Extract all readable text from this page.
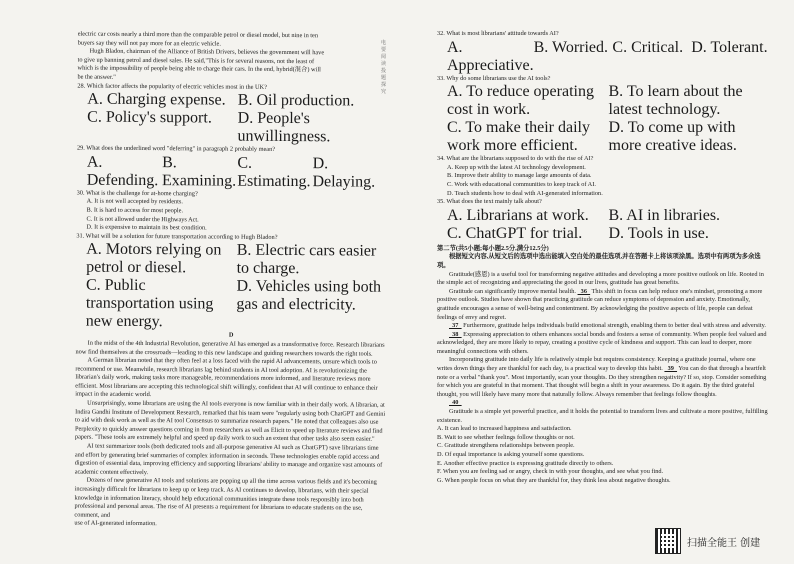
electric car costs nearly a third more than the comparable petrol or diesel model, but nine in ten

buyers say they will not pay more for an electric vehicle.

Hugh Bladon, chairman of the Alliance of British Drivers, believes the government will have

to give up banning petrol and diesel sales. He said,"This is for several reasons, not the least of

which is the impossibility of people being able to charge their cars. In the end, hybrid(混合) will

be the answer."

28. Which factor affects the popularity of electric vehicles most in the UK?

A. Charging expense. B. Oil production.
C. Policy's support.	D. People's unwillingness.

29. What does the underlined word "deferring" in paragraph 2 probably mean?

A. Defending.
B. Examining.
C. Estimating.
D. Delaying.

30. What is the challenge for at-home charging?

A. It is not well accepted by residents.

B. It is hard to access for most people.

C. It is not allowed under the Highways Act.

D. It is expensive to maintain its best condition.

31. What will be a solution for future transportation according to Hugh Bladon?

A. Motors relying on petrol or diesel.
B. Electric cars easier to charge.
C. Public transportation using new energy.
D. Vehicles using both gas and electricity.

D

In the midst of the 4th Industrial Revolution, generative AI has emerged as a transformative force. Research librarians now find themselves at the crossroads—leading to this new landscape and guiding researchers towards the right tools.

A German librarian noted that they often feel at a loss faced with the rapid AI advancements, unsure which tools to recommend or use. Meanwhile, research librarians lag behind students in AI tool adoption. AI is revolutionizing the librarian's daily work, making tasks more manageable, recommendations more informed, and literature reviews more efficient. Most librarians are accepting this technological shift willingly, confident that AI will continue to enhance their impact in the academic world.

Unsurprisingly, some librarians are using the AI tools everyone is now familiar with in their daily work. A librarian, at Indira Gandhi Institute of Development Research, remarked that his team were "regularly using both ChatGPT and Gemini to aid with desk work as well as the AI tool Consensus to summarize research papers." He noted that colleagues also use Perplexity to quickly answer questions coming in from researchers as well as Elicit to speed up literature reviews and find papers. "These tools are extremely helpful and speed up daily work to such an extent that other tasks also seem easier."

AI text summarizer tools (both dedicated tools and all-purpose generative AI such as ChatGPT) save librarians time and effort by generating brief summaries of complex information in seconds. These technologies enable rapid access and digestion of essential data, improving efficiency and supporting librarians' ability to manage and organize vast amounts of academic content effectively.

Dozens of new generative AI tools and solutions are popping up all the time across various fields and it's becoming increasingly difficult for librarians to keep up or keep track. As AI continues to develop, librarians, with their special knowledge in information literacy, should help educational communities integrate these tools responsibly into both professional and personal areas. The rise of AI presents a requirement for librarians to educate students on the use, comment, and

use of AI-generated information.

电
要
阅
读
投
题
探
究

32. What is most librarians' attitude towards AI?

A. Appreciative.
B. Worried. C. Critical. D. Tolerant.

33. Why do some librarians use the AI tools?

A. To reduce operating cost in work.
B. To learn about the latest technology.
C. To make their daily work more efficient.
D. To come up with more creative ideas.

34. What are the librarians supposed to do with the rise of AI?

A. Keep up with the latest AI technology development.

B. Improve their ability to manage large amounts of data.

C. Work with educational communities to keep track of AI.

D. Teach students how to deal with AI-generated information.

35. What does the text mainly talk about?

A. Librarians at work.	B. AI in libraries.
C. ChatGPT for trial.	D. Tools in use.

第二节(共5小题;每小题2.5分,满分12.5分)

根据短文内容,从短文后的选项中选出能填入空白处的最佳选项,并在答题卡上将该项涂黑。选项中有两项为多余选项。

Gratitude(感恩) is a useful tool for transforming negative attitudes and developing a more positive outlook on life. Rooted in the simple act of recognizing and appreciating the good in our lives, gratitude has great benefits.

Gratitude can significantly improve mental health.   36   This shift in focus can help reduce one's mindset, promoting a more positive outlook. Studies have shown that practicing gratitude can reduce symptoms of depression and anxiety. Emotionally, gratitude encourages a sense of well-being and contentment. By acknowledging the positive aspects of life, people can defeat feelings of envy and regret.

37   Furthermore, gratitude helps individuals build emotional strength, enabling them to better deal with stress and adversity.

38   Expressing appreciation to others enhances social bonds and fosters a sense of community. When people feel valued and acknowledged, they are more likely to repay, creating a positive cycle of kindness and support. This can lead to deeper, more meaningful connections with others.

Incorporating gratitude into daily life is relatively simple but requires consistency. Keeping a gratitude journal, where one writes down things they are thankful for each day, is a practical way to develop this habit.   39   You can do that through a heartfelt note or a verbal "thank you". Most importantly, scan your thoughts. Do they strengthen negativity? If so, stop. Consider something for which you are grateful in that moment. That thought will begin a shift in your awareness. Do it again. By the third grateful thought, you will likely have many more that naturally follow. Always remember that feelings follow thoughts.

40

Gratitude is a simple yet powerful practice, and it holds the potential to transform lives and cultivate a more positive, fulfilling existence.

A. It can lead to increased happiness and satisfaction.

B. Wait to see whether feelings follow thoughts or not.

C. Gratitude strengthens relationships between people.

D. Of equal importance is asking yourself some questions.

E. Another effective practice is expressing gratitude directly to others.

F. When you are feeling sad or angry, check in with your thoughts, and see what you find.

G. When people focus on what they are thankful for, they think less about negative thoughts.

扫描全能王 创建
